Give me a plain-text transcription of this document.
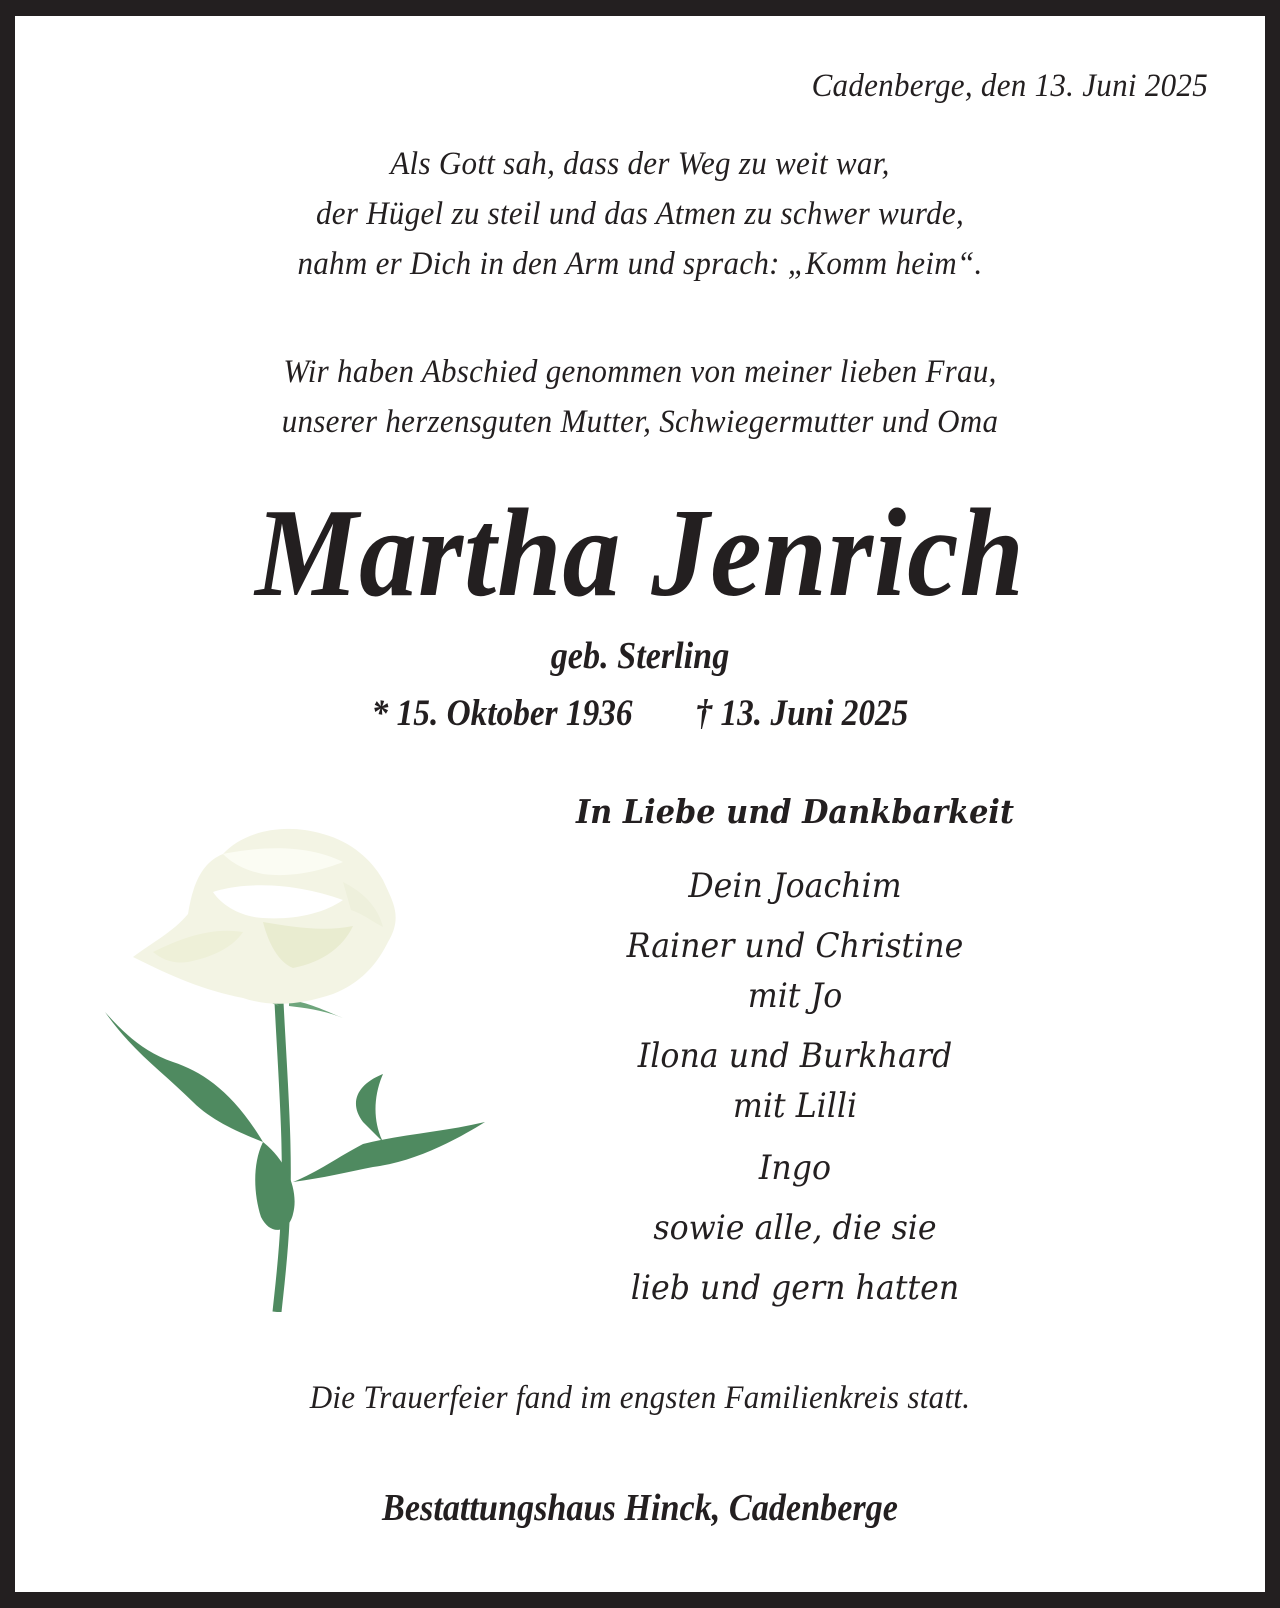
Cadenberge, den 13. Juni 2025
Als Gott sah, dass der Weg zu weit war,
der Hügel zu steil und das Atmen zu schwer wurde,
nahm er Dich in den Arm und sprach: „Komm heim“.
Wir haben Abschied genommen von meiner lieben Frau,
unserer herzensguten Mutter, Schwiegermutter und Oma
Martha Jenrich
geb. Sterling
* 15. Oktober 1936 † 13. Juni 2025
In Liebe und Dankbarkeit
Dein Joachim
Rainer und Christine
mit Jo
Ilona und Burkhard
mit Lilli
Ingo
sowie alle, die sie
lieb und gern hatten
Die Trauerfeier fand im engsten Familienkreis statt.
Bestattungshaus Hinck, Cadenberge
